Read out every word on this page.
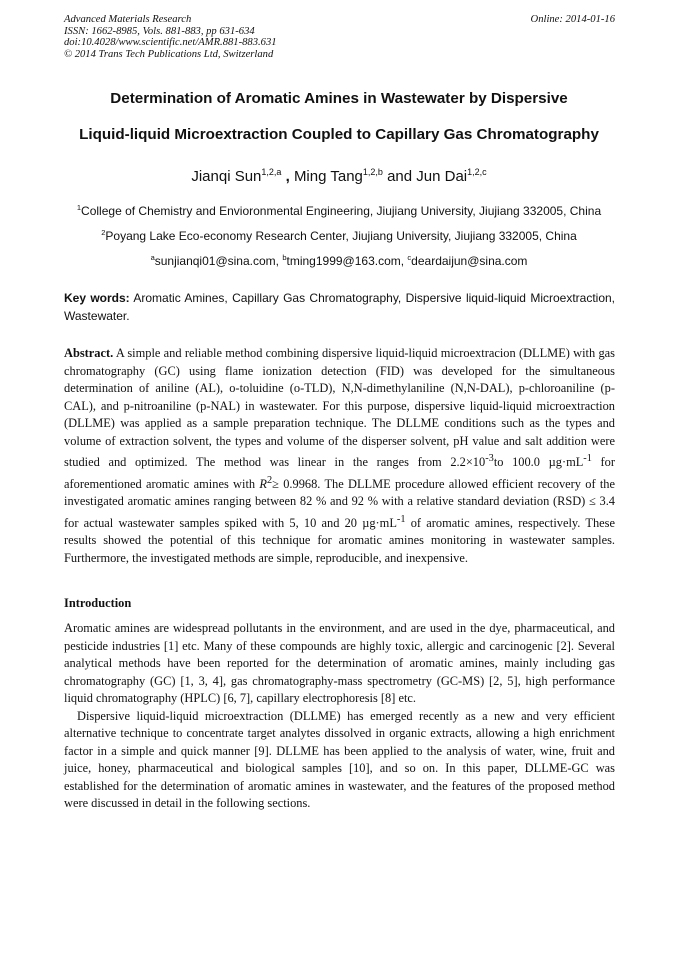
Advanced Materials Research
ISSN: 1662-8985, Vols. 881-883, pp 631-634
doi:10.4028/www.scientific.net/AMR.881-883.631
© 2014 Trans Tech Publications Ltd, Switzerland
Online: 2014-01-16
Determination of Aromatic Amines in Wastewater by Dispersive
Liquid-liquid Microextraction Coupled to Capillary Gas Chromatography
Jianqi Sun$^{1,2,a}$ , Ming Tang$^{1,2,b}$ and Jun Dai$^{1,2,c}$
$^1$College of Chemistry and Envioronmental Engineering, Jiujiang University, Jiujiang 332005, China
$^2$Poyang Lake Eco-economy Research Center, Jiujiang University, Jiujiang 332005, China
$^a$sunjianqi01@sina.com, $^b$tming1999@163.com, $^c$deardaijun@sina.com
Key words: Aromatic Amines, Capillary Gas Chromatography, Dispersive liquid-liquid Microextraction, Wastewater.
Abstract. A simple and reliable method combining dispersive liquid-liquid microextracion (DLLME) with gas chromatography (GC) using flame ionization detection (FID) was developed for the simultaneous determination of aniline (AL), o-toluidine (o-TLD), N,N-dimethylaniline (N,N-DAL), p-chloroaniline (p-CAL), and p-nitroaniline (p-NAL) in wastewater. For this purpose, dispersive liquid-liquid microextraction (DLLME) was applied as a sample preparation technique. The DLLME conditions such as the types and volume of extraction solvent, the types and volume of the disperser solvent, pH value and salt addition were studied and optimized. The method was linear in the ranges from $2.2\times 10^{-3}to$ 100.0 $\mu g\cdot mL^{-1}$ for aforementioned aromatic amines with $R^2\ge 0.9968$. The DLLME procedure allowed efficient recovery of the investigated aromatic amines ranging between 82 % and 92 % with a relative standard deviation (RSD) ≤ 3.4 for actual wastewater samples spiked with 5, 10 and 20 $\mu g\cdot mL^{-1}$ of aromatic amines, respectively. These results showed the potential of this technique for aromatic amines monitoring in wastewater samples. Furthermore, the investigated methods are simple, reproducible, and inexpensive.
Introduction

Aromatic amines are widespread pollutants in the environment, and are used in the dye, pharmaceutical, and pesticide industries [1] etc. Many of these compounds are highly toxic, allergic and carcinogenic [2]. Several analytical methods have been reported for the determination of aromatic amines, mainly including gas chromatography (GC) [1, 3, 4], gas chromatography-mass spectrometry (GC-MS) [2, 5], high performance liquid chromatography (HPLC) [6, 7], capillary electrophoresis [8] etc.

Dispersive liquid-liquid microextraction (DLLME) has emerged recently as a new and very efficient alternative technique to concentrate target analytes dissolved in organic extracts, allowing a high enrichment factor in a simple and quick manner [9]. DLLME has been applied to the analysis of water, wine, fruit and juice, honey, pharmaceutical and biological samples [10], and so on. In this paper, DLLME-GC was established for the determination of aromatic amines in wastewater, and the features of the proposed method were discussed in detail in the following sections.
